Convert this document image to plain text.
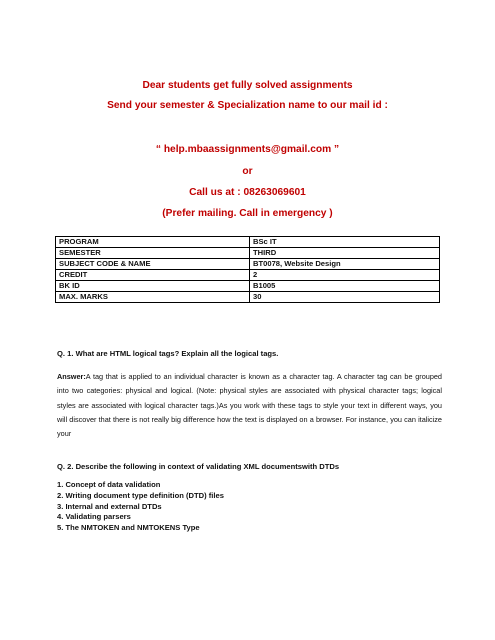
Dear students get fully solved assignments
Send your semester & Specialization name to our mail id :
“ help.mbaassignments@gmail.com ”
or
Call us at : 08263069601
(Prefer mailing. Call in emergency )
PROGRAM	BSc IT
SEMESTER	THIRD
SUBJECT CODE & NAME	BT0078, Website Design
CREDIT	2
BK ID	B1005
MAX. MARKS	30
Q. 1. What are HTML logical tags? Explain all the logical tags.
Answer:A tag that is applied to an individual character is known as a character tag. A character tag can be grouped into two categories: physical and logical. (Note: physical styles are associated with physical character tags; logical styles are associated with logical character tags.)As you work with these tags to style your text in different ways, you will discover that there is not really big difference how the text is displayed on a browser. For instance, you can italicize your
Q. 2. Describe the following in context of validating XML documentswith DTDs
1. Concept of data validation
2. Writing document type definition (DTD) files
3. Internal and external DTDs
4. Validating parsers
5. The NMTOKEN and NMTOKENS Type
